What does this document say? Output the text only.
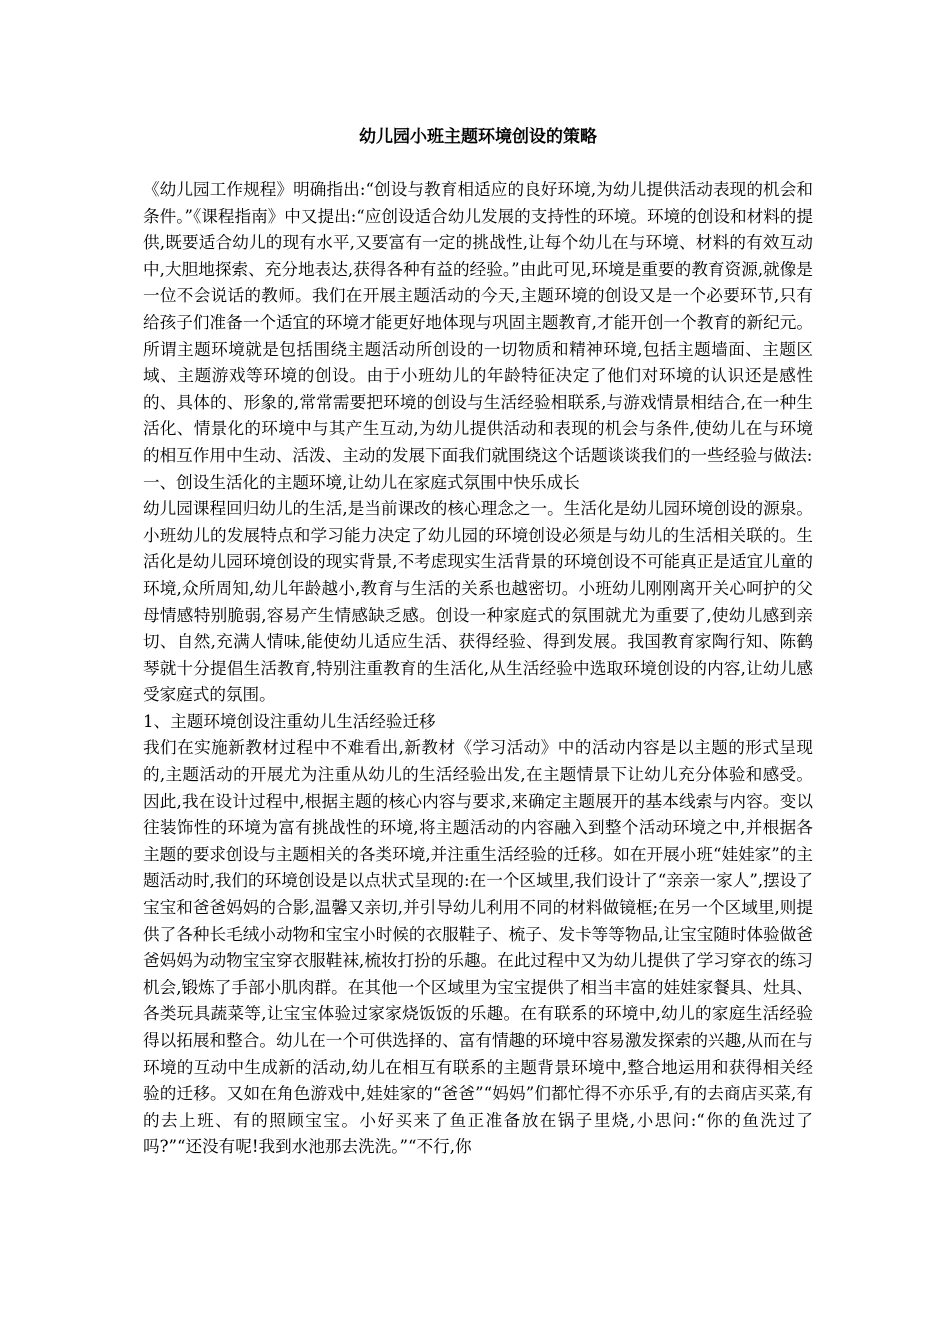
幼儿园小班主题环境创设的策略

《幼儿园工作规程》明确指出:“创设与教育相适应的良好环境,为幼儿提供活动表现的机会和条件。”《课程指南》中又提出:“应创设适合幼儿发展的支持性的环境。环境的创设和材料的提供,既要适合幼儿的现有水平,又要富有一定的挑战性,让每个幼儿在与环境、材料的有效互动中,大胆地探索、充分地表达,获得各种有益的经验。”由此可见,环境是重要的教育资源,就像是一位不会说话的教师。我们在开展主题活动的今天,主题环境的创设又是一个必要环节,只有给孩子们准备一个适宜的环境才能更好地体现与巩固主题教育,才能开创一个教育的新纪元。所谓主题环境就是包括围绕主题活动所创设的一切物质和精神环境,包括主题墙面、主题区域、主题游戏等环境的创设。由于小班幼儿的年龄特征决定了他们对环境的认识还是感性的、具体的、形象的,常常需要把环境的创设与生活经验相联系,与游戏情景相结合,在一种生活化、情景化的环境中与其产生互动,为幼儿提供活动和表现的机会与条件,使幼儿在与环境的相互作用中生动、活泼、主动的发展下面我们就围绕这个话题谈谈我们的一些经验与做法:

一、创设生活化的主题环境,让幼儿在家庭式氛围中快乐成长

幼儿园课程回归幼儿的生活,是当前课改的核心理念之一。生活化是幼儿园环境创设的源泉。小班幼儿的发展特点和学习能力决定了幼儿园的环境创设必须是与幼儿的生活相关联的。生活化是幼儿园环境创设的现实背景,不考虑现实生活背景的环境创设不可能真正是适宜儿童的环境,众所周知,幼儿年龄越小,教育与生活的关系也越密切。小班幼儿刚刚离开关心呵护的父母情感特别脆弱,容易产生情感缺乏感。创设一种家庭式的氛围就尤为重要了,使幼儿感到亲切、自然,充满人情味,能使幼儿适应生活、获得经验、得到发展。我国教育家陶行知、陈鹤琴就十分提倡生活教育,特别注重教育的生活化,从生活经验中选取环境创设的内容,让幼儿感受家庭式的氛围。

1、主题环境创设注重幼儿生活经验迁移

我们在实施新教材过程中不难看出,新教材《学习活动》中的活动内容是以主题的形式呈现的,主题活动的开展尤为注重从幼儿的生活经验出发,在主题情景下让幼儿充分体验和感受。因此,我在设计过程中,根据主题的核心内容与要求,来确定主题展开的基本线索与内容。变以往装饰性的环境为富有挑战性的环境,将主题活动的内容融入到整个活动环境之中,并根据各主题的要求创设与主题相关的各类环境,并注重生活经验的迁移。如在开展小班“娃娃家”的主题活动时,我们的环境创设是以点状式呈现的:在一个区域里,我们设计了“亲亲一家人”,摆设了宝宝和爸爸妈妈的合影,温馨又亲切,并引导幼儿利用不同的材料做镜框;在另一个区域里,则提供了各种长毛绒小动物和宝宝小时候的衣服鞋子、梳子、发卡等等物品,让宝宝随时体验做爸爸妈妈为动物宝宝穿衣服鞋袜,梳妆打扮的乐趣。在此过程中又为幼儿提供了学习穿衣的练习机会,锻炼了手部小肌肉群。在其他一个区域里为宝宝提供了相当丰富的娃娃家餐具、灶具、各类玩具蔬菜等,让宝宝体验过家家烧饭饭的乐趣。在有联系的环境中,幼儿的家庭生活经验得以拓展和整合。幼儿在一个可供选择的、富有情趣的环境中容易激发探索的兴趣,从而在与环境的互动中生成新的活动,幼儿在相互有联系的主题背景环境中,整合地运用和获得相关经验的迁移。又如在角色游戏中,娃娃家的“爸爸”“妈妈”们都忙得不亦乐乎,有的去商店买菜,有的去上班、有的照顾宝宝。小好买来了鱼正准备放在锅子里烧,小思问:“你的鱼洗过了吗?”“还没有呢!我到水池那去洗洗。”“不行,你
